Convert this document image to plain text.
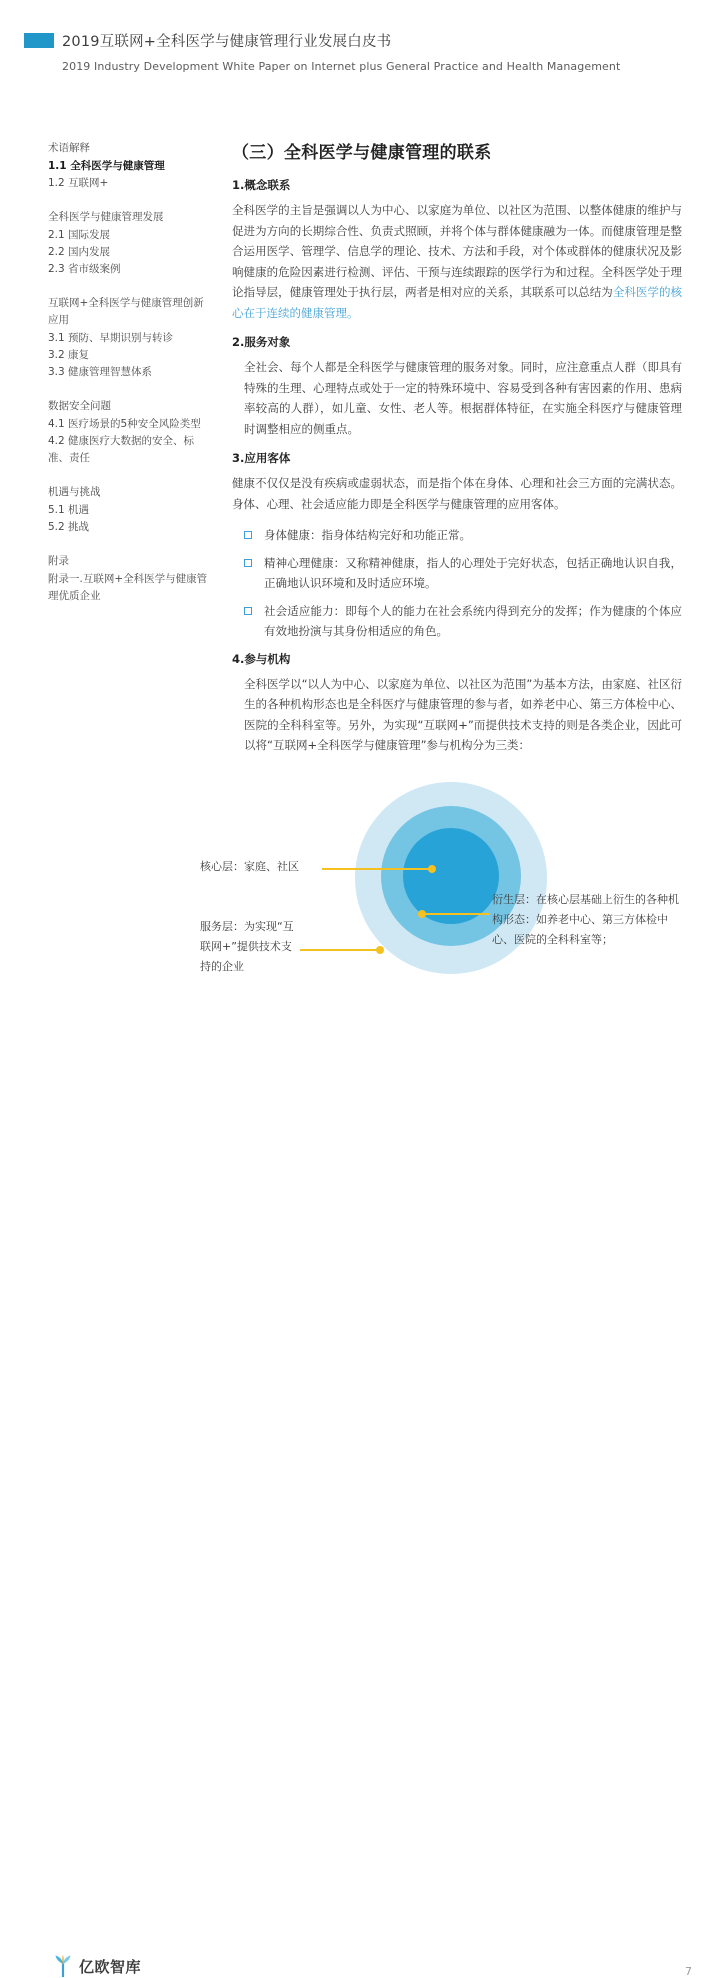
2019互联网+全科医学与健康管理行业发展白皮书
2019 Industry Development White Paper on Internet plus General Practice and Health Management
术语解释
1.1 全科医学与健康管理
1.2 互联网+
全科医学与健康管理发展
2.1 国际发展
2.2 国内发展
2.3 省市级案例
互联网+全科医学与健康管理创新应用
3.1 预防、早期识别与转诊
3.2 康复
3.3 健康管理智慧体系
数据安全问题
4.1 医疗场景的5种安全风险类型
4.2 健康医疗大数据的安全、标准、责任
机遇与挑战
5.1 机遇
5.2 挑战
附录
附录一.互联网+全科医学与健康管理优质企业
（三）全科医学与健康管理的联系
1.概念联系

全科医学的主旨是强调以人为中心、以家庭为单位、以社区为范围、以整体健康的维护与促进为方向的长期综合性、负责式照顾，并将个体与群体健康融为一体。而健康管理是整合运用医学、管理学、信息学的理论、技术、方法和手段，对个体或群体的健康状况及影响健康的危险因素进行检测、评估、干预与连续跟踪的医学行为和过程。全科医学处于理论指导层，健康管理处于执行层，两者是相对应的关系，其联系可以总结为全科医学的核心在于连续的健康管理。

2.服务对象

全社会、每个人都是全科医学与健康管理的服务对象。同时，应注意重点人群（即具有特殊的生理、心理特点或处于一定的特殊环境中、容易受到各种有害因素的作用、患病率较高的人群），如儿童、女性、老人等。根据群体特征，在实施全科医疗与健康管理时调整相应的侧重点。

3.应用客体

健康不仅仅是没有疾病或虚弱状态，而是指个体在身体、心理和社会三方面的完满状态。身体、心理、社会适应能力即是全科医学与健康管理的应用客体。

身体健康：指身体结构完好和功能正常。
精神心理健康：又称精神健康，指人的心理处于完好状态，包括正确地认识自我，正确地认识环境和及时适应环境。
社会适应能力：即每个人的能力在社会系统内得到充分的发挥；作为健康的个体应有效地扮演与其身份相适应的角色。
4.参与机构

全科医学以“以人为中心、以家庭为单位、以社区为范围”为基本方法，由家庭、社区衍生的各种机构形态也是全科医疗与健康管理的参与者，如养老中心、第三方体检中心、医院的全科科室等。另外，为实现“互联网+”而提供技术支持的则是各类企业，因此可以将“互联网+全科医学与健康管理”参与机构分为三类：

核心层：家庭、社区
衍生层：在核心层基础上衍生的各种机构形态：如养老中心、第三方体检中心、医院的全科科室等；
服务层：为实现“互联网+”提供技术支持的企业
亿欧智库	7
